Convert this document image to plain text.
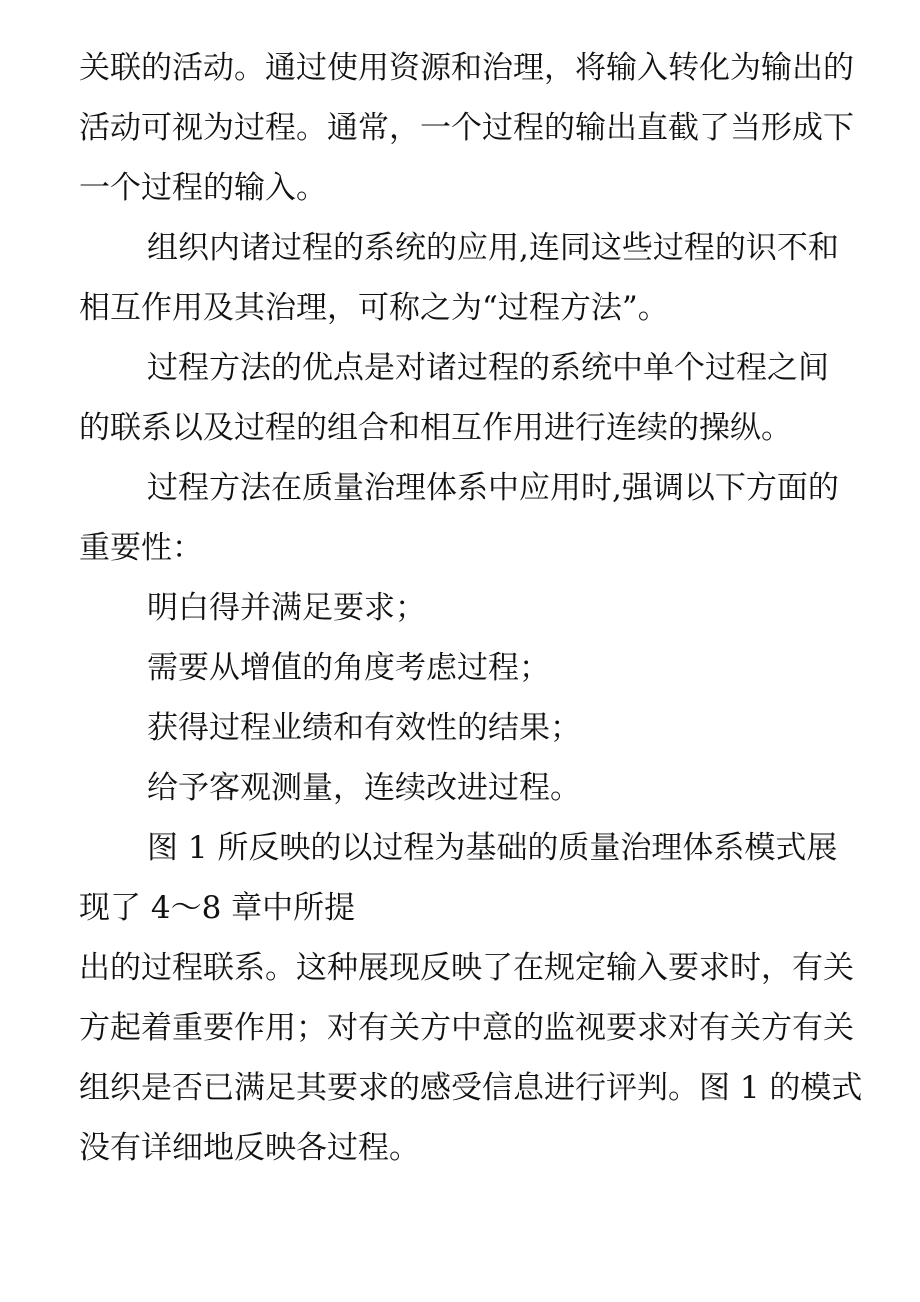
关联的活动。通过使用资源和治理，将输入转化为输出的
活动可视为过程。通常，一个过程的输出直截了当形成下
一个过程的输入。
组织内诸过程的系统的应用,连同这些过程的识不和
相互作用及其治理，可称之为“过程方法”。
过程方法的优点是对诸过程的系统中单个过程之间
的联系以及过程的组合和相互作用进行连续的操纵。
过程方法在质量治理体系中应用时,强调以下方面的
重要性：
明白得并满足要求；
需要从增值的角度考虑过程；
获得过程业绩和有效性的结果；
给予客观测量，连续改进过程。
图 1 所反映的以过程为基础的质量治理体系模式展
现了 4～8 章中所提
出的过程联系。这种展现反映了在规定输入要求时，有关
方起着重要作用；对有关方中意的监视要求对有关方有关
组织是否已满足其要求的感受信息进行评判。图 1 的模式
没有详细地反映各过程。
